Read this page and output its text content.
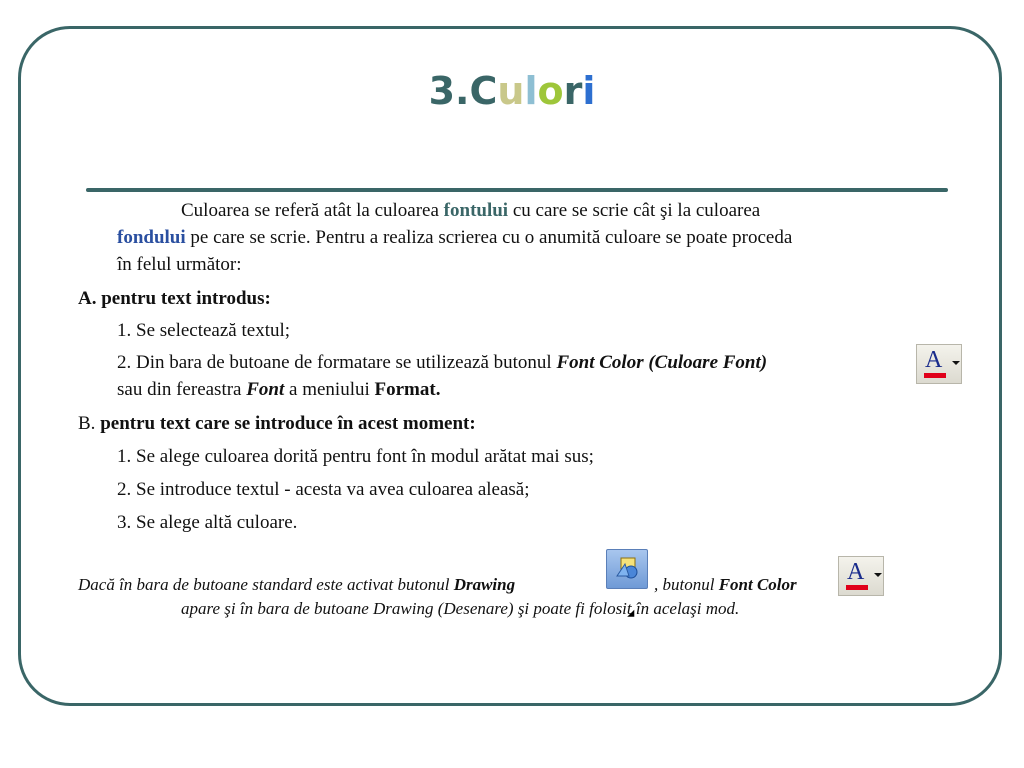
3.Culori
Culoarea se referă atât la culoarea fontului cu care se scrie cât şi la culoarea
fondului pe care se scrie. Pentru a realiza scrierea cu o anumită culoare se poate proceda
în felul următor:
A. pentru text introdus:
1. Se selectează textul;
2. Din bara de butoane de formatare se utilizează butonul Font Color (Culoare Font)
sau din fereastra Font a meniului Format.
A
B. pentru text care se introduce în acest moment:
1. Se alege culoarea dorită pentru font în modul arătat mai sus;
2. Se introduce textul - acesta va avea culoarea aleasă;
3. Se alege altă culoare.
Dacă în bara de butoane standard este activat butonul Drawing	, butonul Font Color
apare şi în bara de butoane Drawing (Desenare) şi poate fi folosit în acelaşi mod.
A
